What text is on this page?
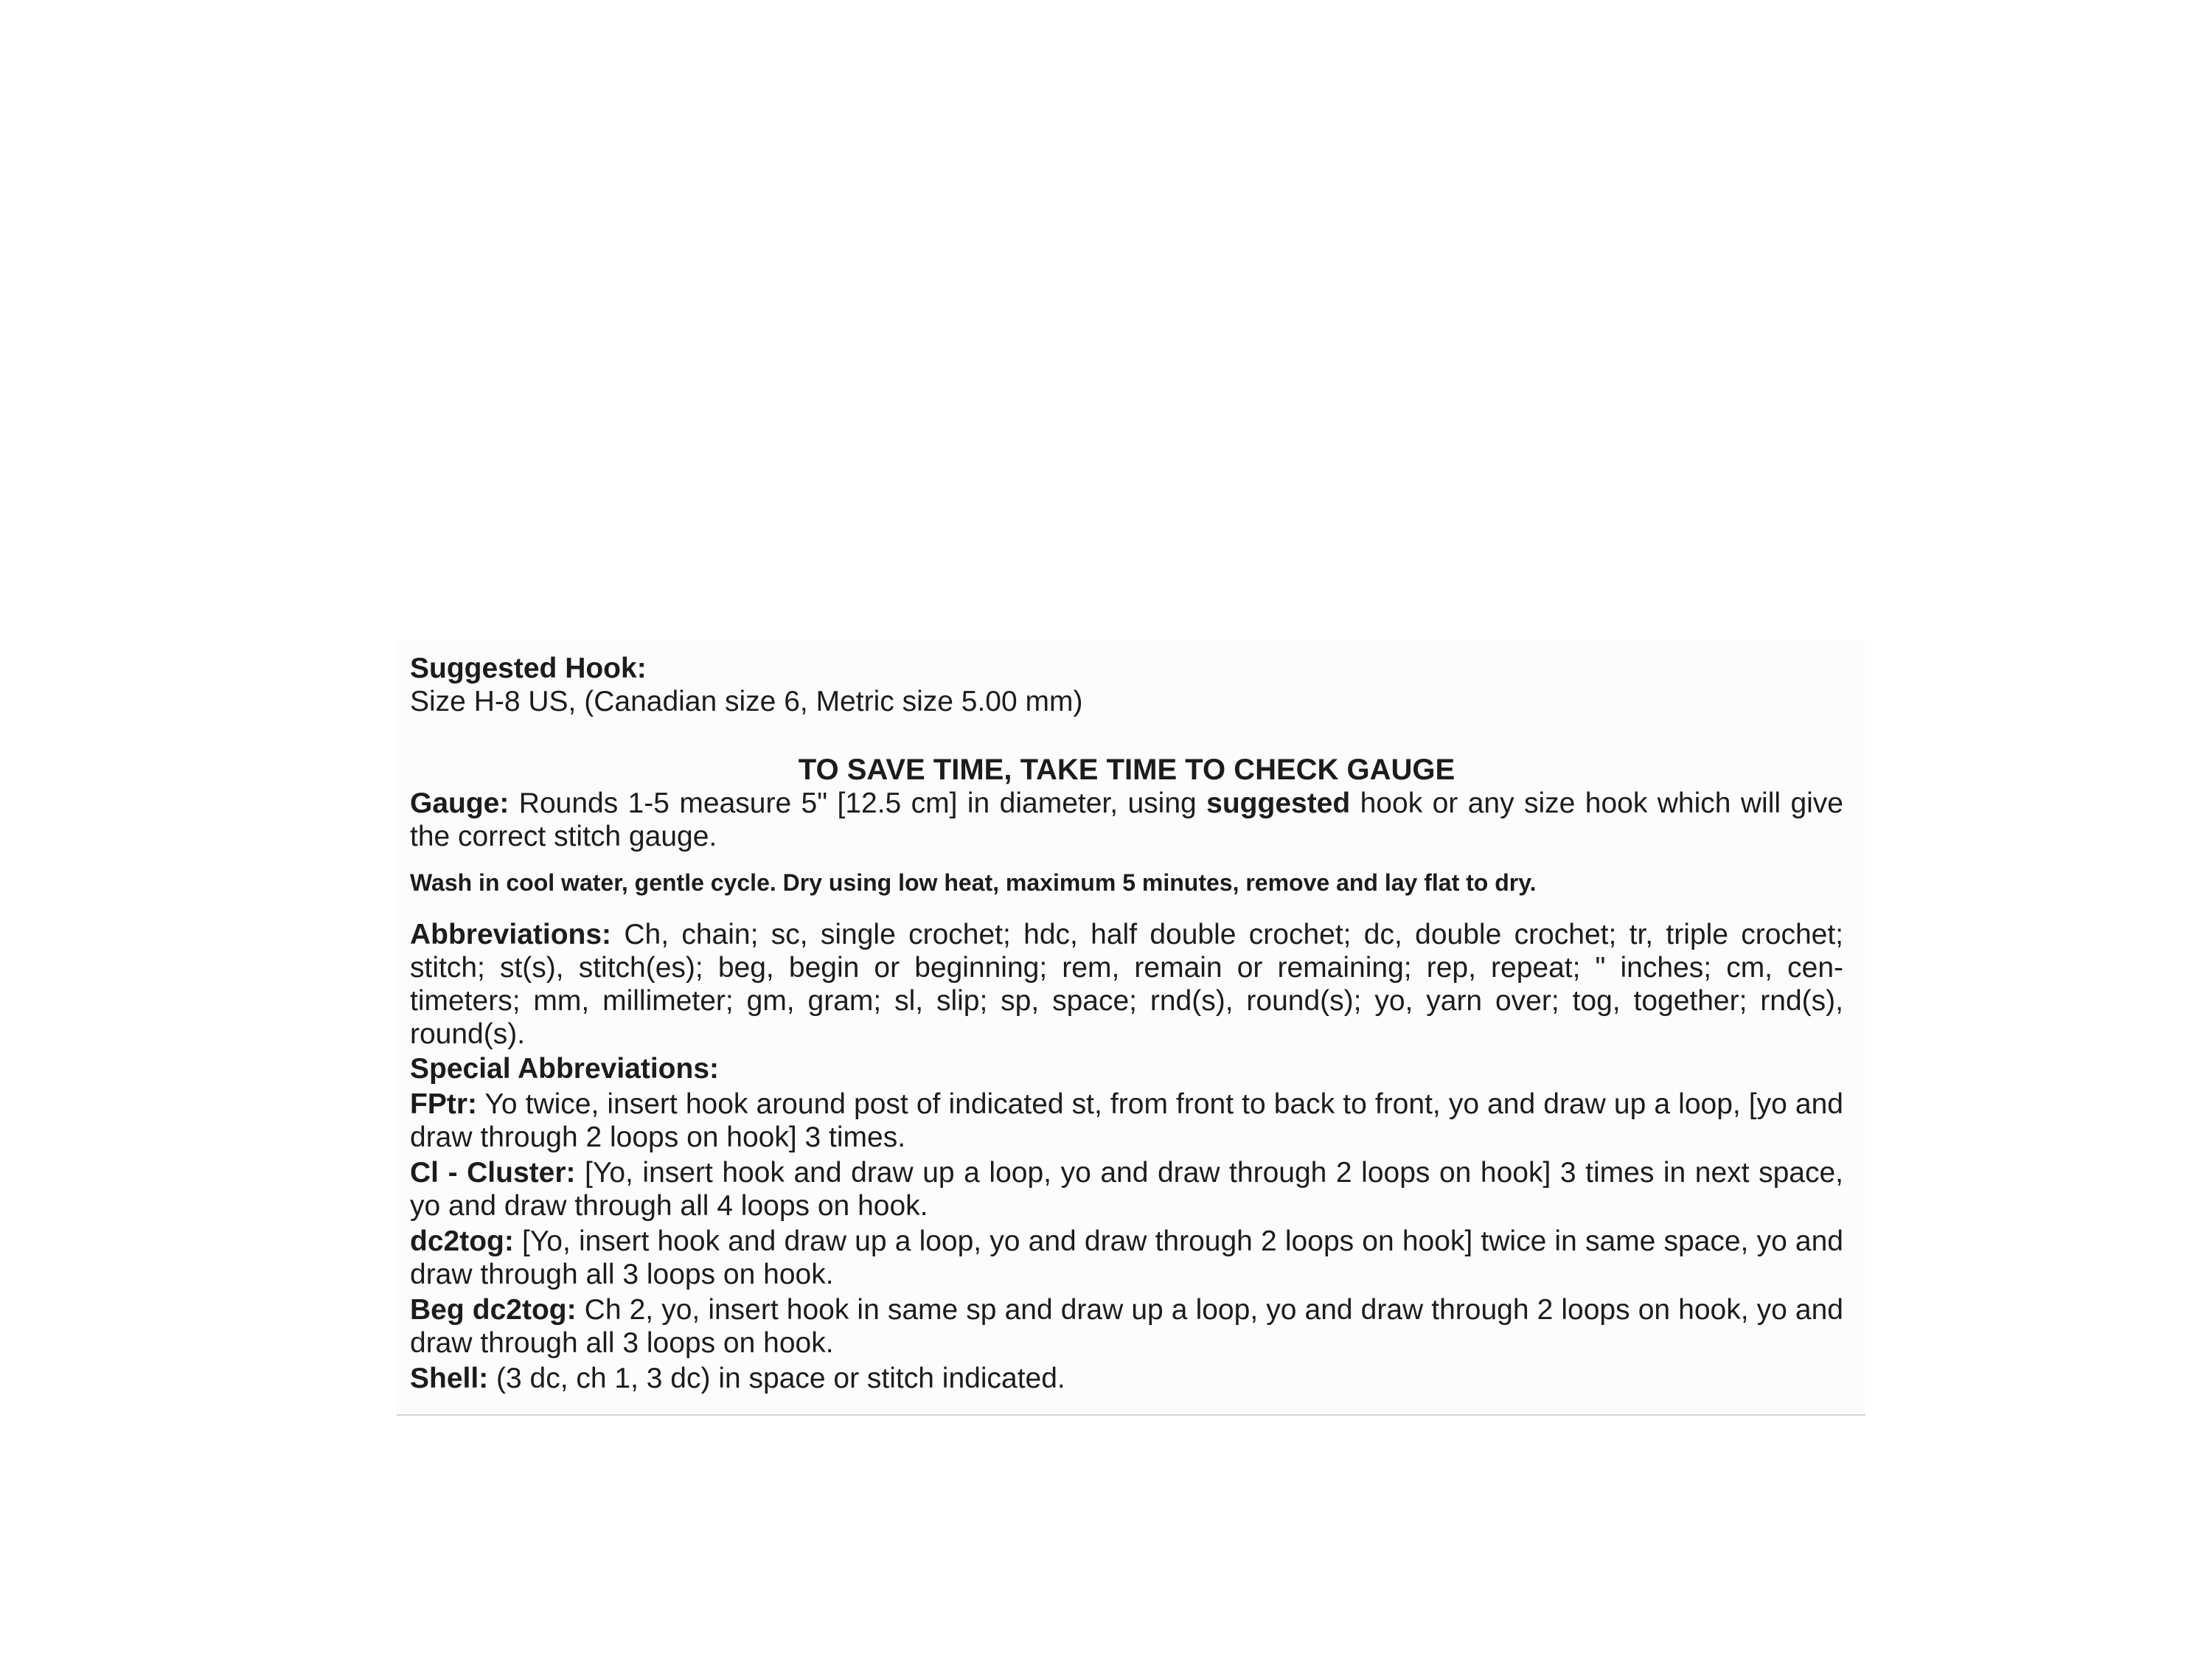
Suggested Hook:
Size H-8 US, (Canadian size 6, Metric size 5.00 mm)

TO SAVE TIME, TAKE TIME TO CHECK GAUGE

Gauge: Rounds 1-5 measure 5" [12.5 cm] in diameter, using suggested hook or any size hook which will give the correct stitch gauge.

Wash in cool water, gentle cycle. Dry using low heat, maximum 5 minutes, remove and lay flat to dry.

Abbreviations: Ch, chain; sc, single crochet; hdc, half double crochet; dc, double crochet; tr, triple crochet; stitch; st(s), stitch(es); beg, begin or beginning; rem, remain or remaining; rep, repeat; " inches; cm, cen-timeters; mm, millimeter; gm, gram; sl, slip; sp, space; rnd(s), round(s); yo, yarn over; tog, together; rnd(s), round(s).

Special Abbreviations:

FPtr: Yo twice, insert hook around post of indicated st, from front to back to front, yo and draw up a loop, [yo and draw through 2 loops on hook] 3 times.

Cl - Cluster: [Yo, insert hook and draw up a loop, yo and draw through 2 loops on hook] 3 times in next space, yo and draw through all 4 loops on hook.

dc2tog: [Yo, insert hook and draw up a loop, yo and draw through 2 loops on hook] twice in same space, yo and draw through all 3 loops on hook.

Beg dc2tog: Ch 2, yo, insert hook in same sp and draw up a loop, yo and draw through 2 loops on hook, yo and draw through all 3 loops on hook.

Shell: (3 dc, ch 1, 3 dc) in space or stitch indicated.
